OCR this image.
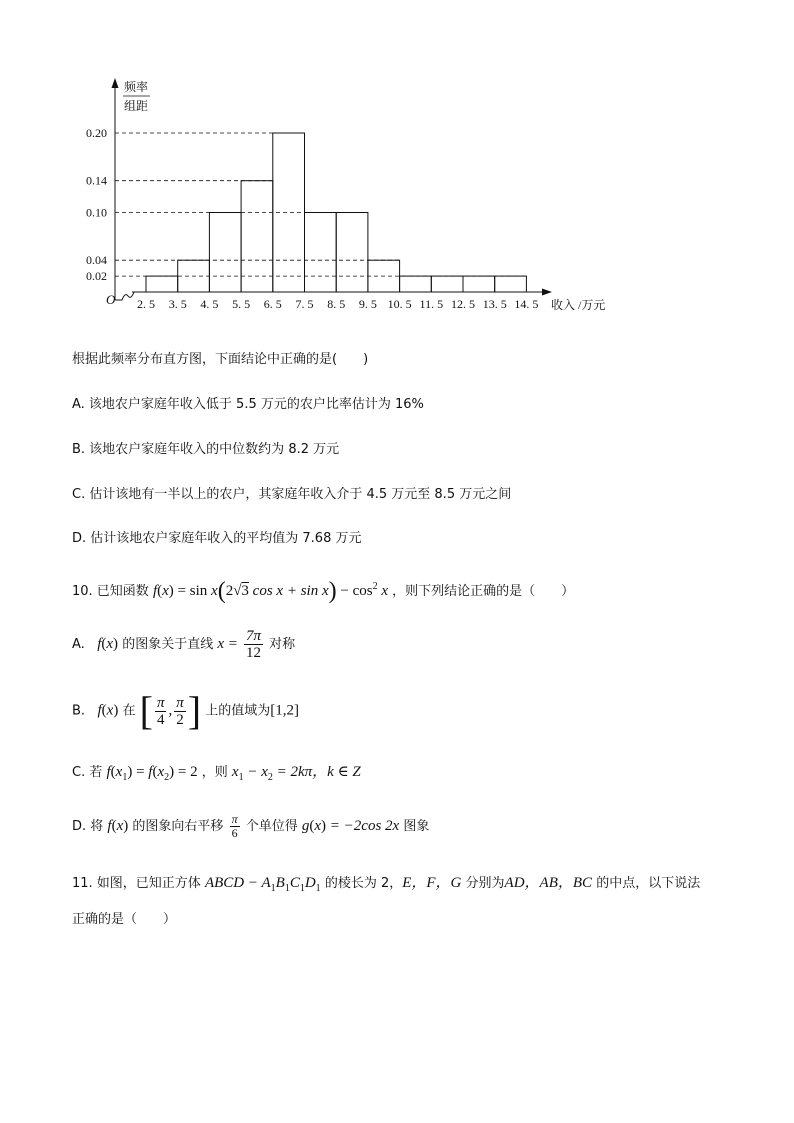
O
频率
组距
收入 /万元
0.02
0.04
0.10
0.14
0.20
2. 5 3. 5 4. 5 5. 5 6. 5 7. 5 8. 5 9. 5 10. 5 11. 5 12. 5 13. 5 14. 5
根据此频率分布直方图，下面结论中正确的是(　　)
A. 该地农户家庭年收入低于 5.5 万元的农户比率估计为 16%
B. 该地农户家庭年收入的中位数约为 8.2 万元
C. 估计该地有一半以上的农户，其家庭年收入介于 4.5 万元至 8.5 万元之间
D. 估计该地农户家庭年收入的平均值为 7.68 万元
10. 已知函数 f(x) = sin x(2√3 $\cos x + \sin x) - \cos^2 x$ ，则下列结论正确的是（　　）
A. f(x) 的图象关于直线 $x = \frac{7\pi}{12}$ 对称
B. f(x) 在 [ $\frac{\pi}{4}$ , $\frac{\pi}{2}$ ] 上的值域为[1,2]
C. 若 $f(x_1) = f(x_2) = 2$ ，则 $x_1 - x_2 = 2k\pi$，k ∈ Z
D. 将 f(x) 的图象向右平移 $\frac{\pi}{6}$ 个单位得 g(x) = −2cos 2x 图象
11. 如图，已知正方体 ABCD − $A_1B_1C_1D_1$ 的棱长为 2，E，F，G 分别为AD，AB，BC 的中点，以下说法
正确的是（　　）
